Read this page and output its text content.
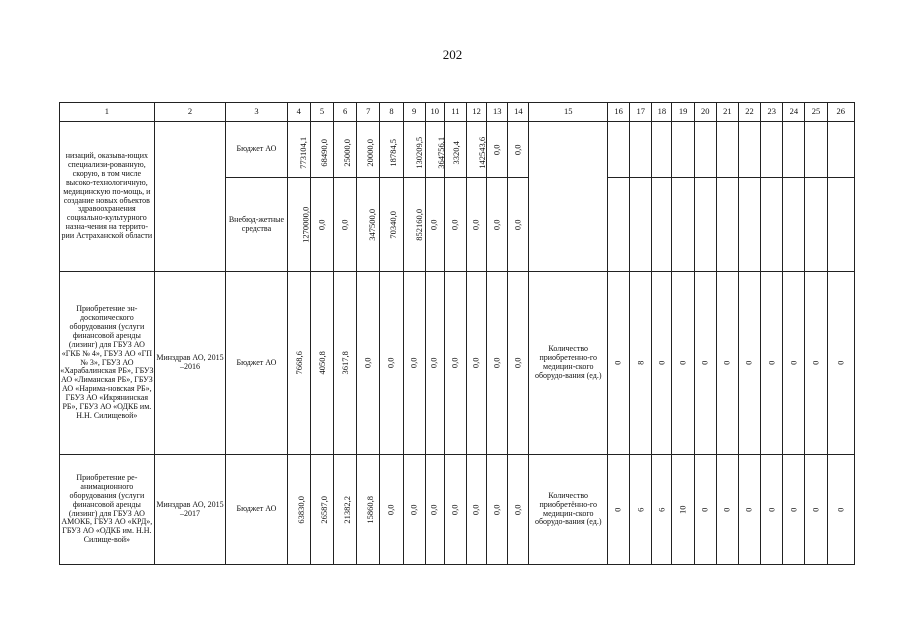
202
1	2	3	4	5	6	7	8	9	10	11	12	13	14	15	16	17	18	19	20	21	22	23	24	25	26
низаций, оказыва-ющих специализи-рованную, скорую, в том числе высоко-технологичную, медицинскую по-мощь, и создание новых объектов здравоохранения социально-культурного назна-чения на террито-рии Астраханской области		Бюджет АО	773104,1	68490,0	25000,0	20000,0	18784,5	130209,5	364756,1	3320,4	142543,6	0,0	0,0												
		Внебюд-жетные средства	1270000,0	0,0	0,0	347500,0	70340,0	852160,0	0,0	0,0	0,0	0,0	0,0												
Приобретение эн-доскопического оборудования (услуги финансовой аренды (лизинг) для ГБУЗ АО «ГКБ № 4», ГБУЗ АО «ГП № 3», ГБУЗ АО «Харабалинская РБ», ГБУЗ АО «Лиманская РБ», ГБУЗ АО «Нарима-новская РБ», ГБУЗ АО «Икрянинская РБ», ГБУЗ АО «ОДКБ им. Н.Н. Силищевой»	Минздрав АО, 2015 –2016	Бюджет АО	7668,6	4050,8	3617,8	0,0	0,0	0,0	0,0	0,0	0,0	0,0	0,0	Количество приобретенно-го медицин-ского оборудо-вания (ед.)	0	8	0	0	0	0	0	0	0	0	0
Приобретение ре-анимационного оборудования (услуги финансовой аренды (лизинг) для ГБУЗ АО АМОКБ, ГБУЗ АО «КРД», ГБУЗ АО «ОДКБ им. Н.Н. Силище-вой»	Минздрав АО, 2015 –2017	Бюджет АО	63830,0	26587,0	21382,2	15860,8	0,0	0,0	0,0	0,0	0,0	0,0	0,0	Количество приобретённо-го медицин-ского оборудо-вания (ед.)	0	6	6	10	0	0	0	0	0	0	0
